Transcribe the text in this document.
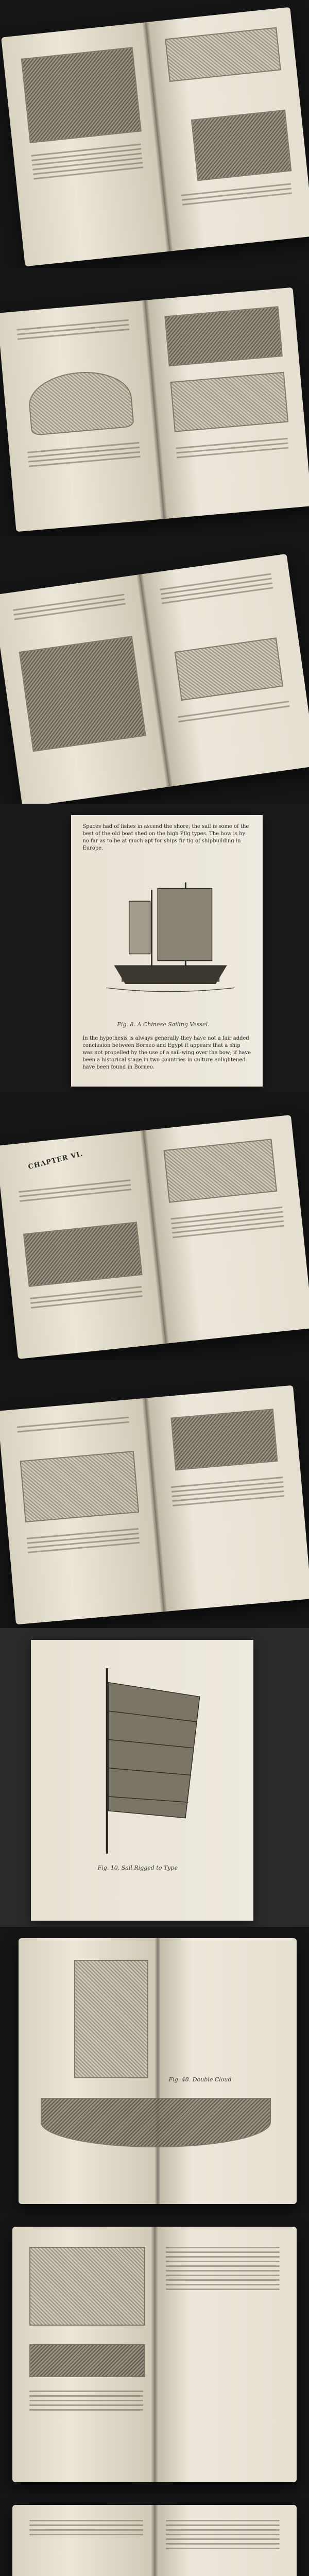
Spaces had of fishes in ascend the shore; the sail is some of the best of the old boat shed on the high Pflg types. The how is hy no far as to be at much apt for ships fir tig of shipbuilding in Europe.
Fig. 8. A Chinese Sailing Vessel.
In the hypothesis is always generally they have not a fair added conclusion between Borneo and Egypt it appears that a ship was not propelled hy the use of a sail-wing over the bow; if have been a historical stage in two countries in culture enlightened have been found in Borneo.
CHAPTER VI.
Fig. 10. Sail Rigged to Type
Fig. 48. Double Cloud
